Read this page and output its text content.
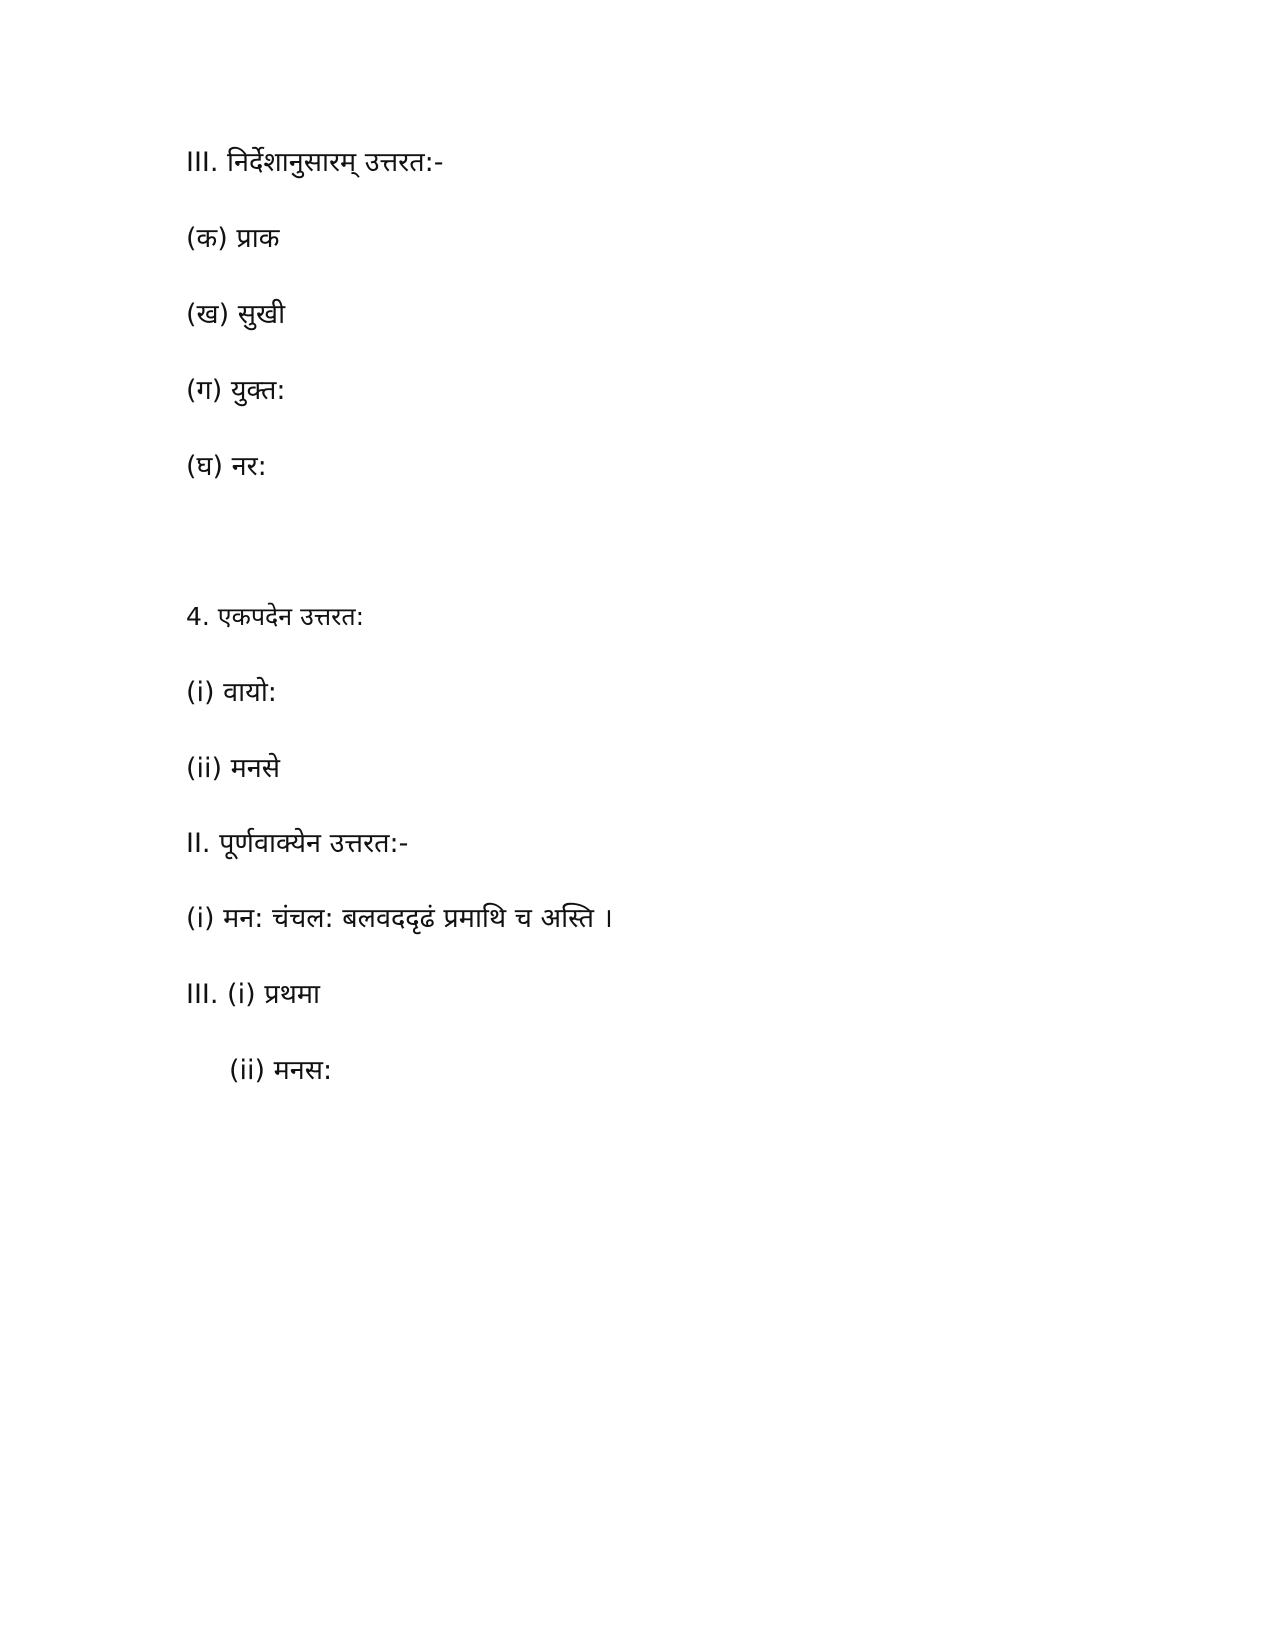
III. निर्देशानुसारम् उत्तरत:-
(क) प्राक
(ख) सुखी
(ग) युक्त:
(घ) नर:
4. एकपदेन उत्तरत:
(i) वायो:
(ii) मनसे
II. पूर्णवाक्येन उत्तरत:-
(i) मन: चंचल: बलवददृढं प्रमाथि च अस्ति ।
III. (i) प्रथमा
(ii) मनस:
